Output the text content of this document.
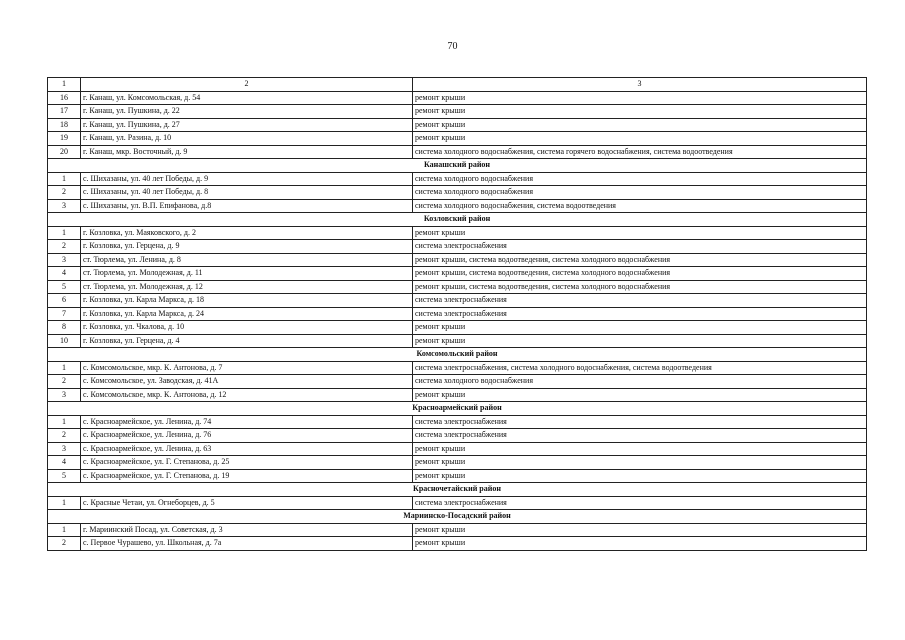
70
1	2	3
16	г. Канаш, ул. Комсомольская, д. 54	ремонт крыши
17	г. Канаш, ул. Пушкина, д. 22	ремонт крыши
18	г. Канаш, ул. Пушкина, д. 27	ремонт крыши
19	г. Канаш, ул. Разина, д. 10	ремонт крыши
20	г. Канаш, мкр. Восточный, д. 9	система холодного водоснабжения, система горячего водоснабжения, система водоотведения
Канашский район		
1	с. Шихазаны, ул. 40 лет Победы, д. 9	система холодного водоснабжения
2	с. Шихазаны, ул. 40 лет Победы, д. 8	система холодного водоснабжения
3	с. Шихазаны, ул. В.П. Епифанова, д.8	система холодного водоснабжения, система водоотведения
Козловский район		
1	г. Козловка, ул. Маяковского, д. 2	ремонт крыши
2	г. Козловка, ул. Герцена, д. 9	система электроснабжения
3	ст. Тюрлема, ул. Ленина, д. 8	ремонт крыши, система водоотведения, система холодного водоснабжения
4	ст. Тюрлема, ул. Молодежная, д. 11	ремонт крыши, система водоотведения, система холодного водоснабжения
5	ст. Тюрлема, ул. Молодежная, д. 12	ремонт крыши, система водоотведения, система холодного водоснабжения
6	г. Козловка, ул. Карла Маркса, д. 18	система электроснабжения
7	г. Козловка, ул. Карла Маркса, д. 24	система электроснабжения
8	г. Козловка, ул. Чкалова, д. 10	ремонт крыши
10	г. Козловка, ул. Герцена, д. 4	ремонт крыши
Комсомольский район		
1	с. Комсомольское, мкр. К. Антонова, д. 7	система электроснабжения, система холодного водоснабжения, система водоотведения
2	с. Комсомольское, ул. Заводская, д. 41А	система холодного водоснабжения
3	с. Комсомольское, мкр. К. Антонова, д. 12	ремонт крыши
Красноармейский район		
1	с. Красноармейское, ул. Ленина, д. 74	система электроснабжения
2	с. Красноармейское, ул. Ленина, д. 76	система электроснабжения
3	с. Красноармейское, ул. Ленина, д. 63	ремонт крыши
4	с. Красноармейское, ул. Г. Степанова, д. 25	ремонт крыши
5	с. Красноармейское, ул. Г. Степанова, д. 19	ремонт крыши
Красночетайский район		
1	с. Красные Четаи, ул. Огнеборцев, д. 5	система электроснабжения
Мариинско-Посадский район		
1	г. Мариинский Посад, ул. Советская, д. 3	ремонт крыши
2	с. Первое Чурашево, ул. Школьная, д. 7а	ремонт крыши
